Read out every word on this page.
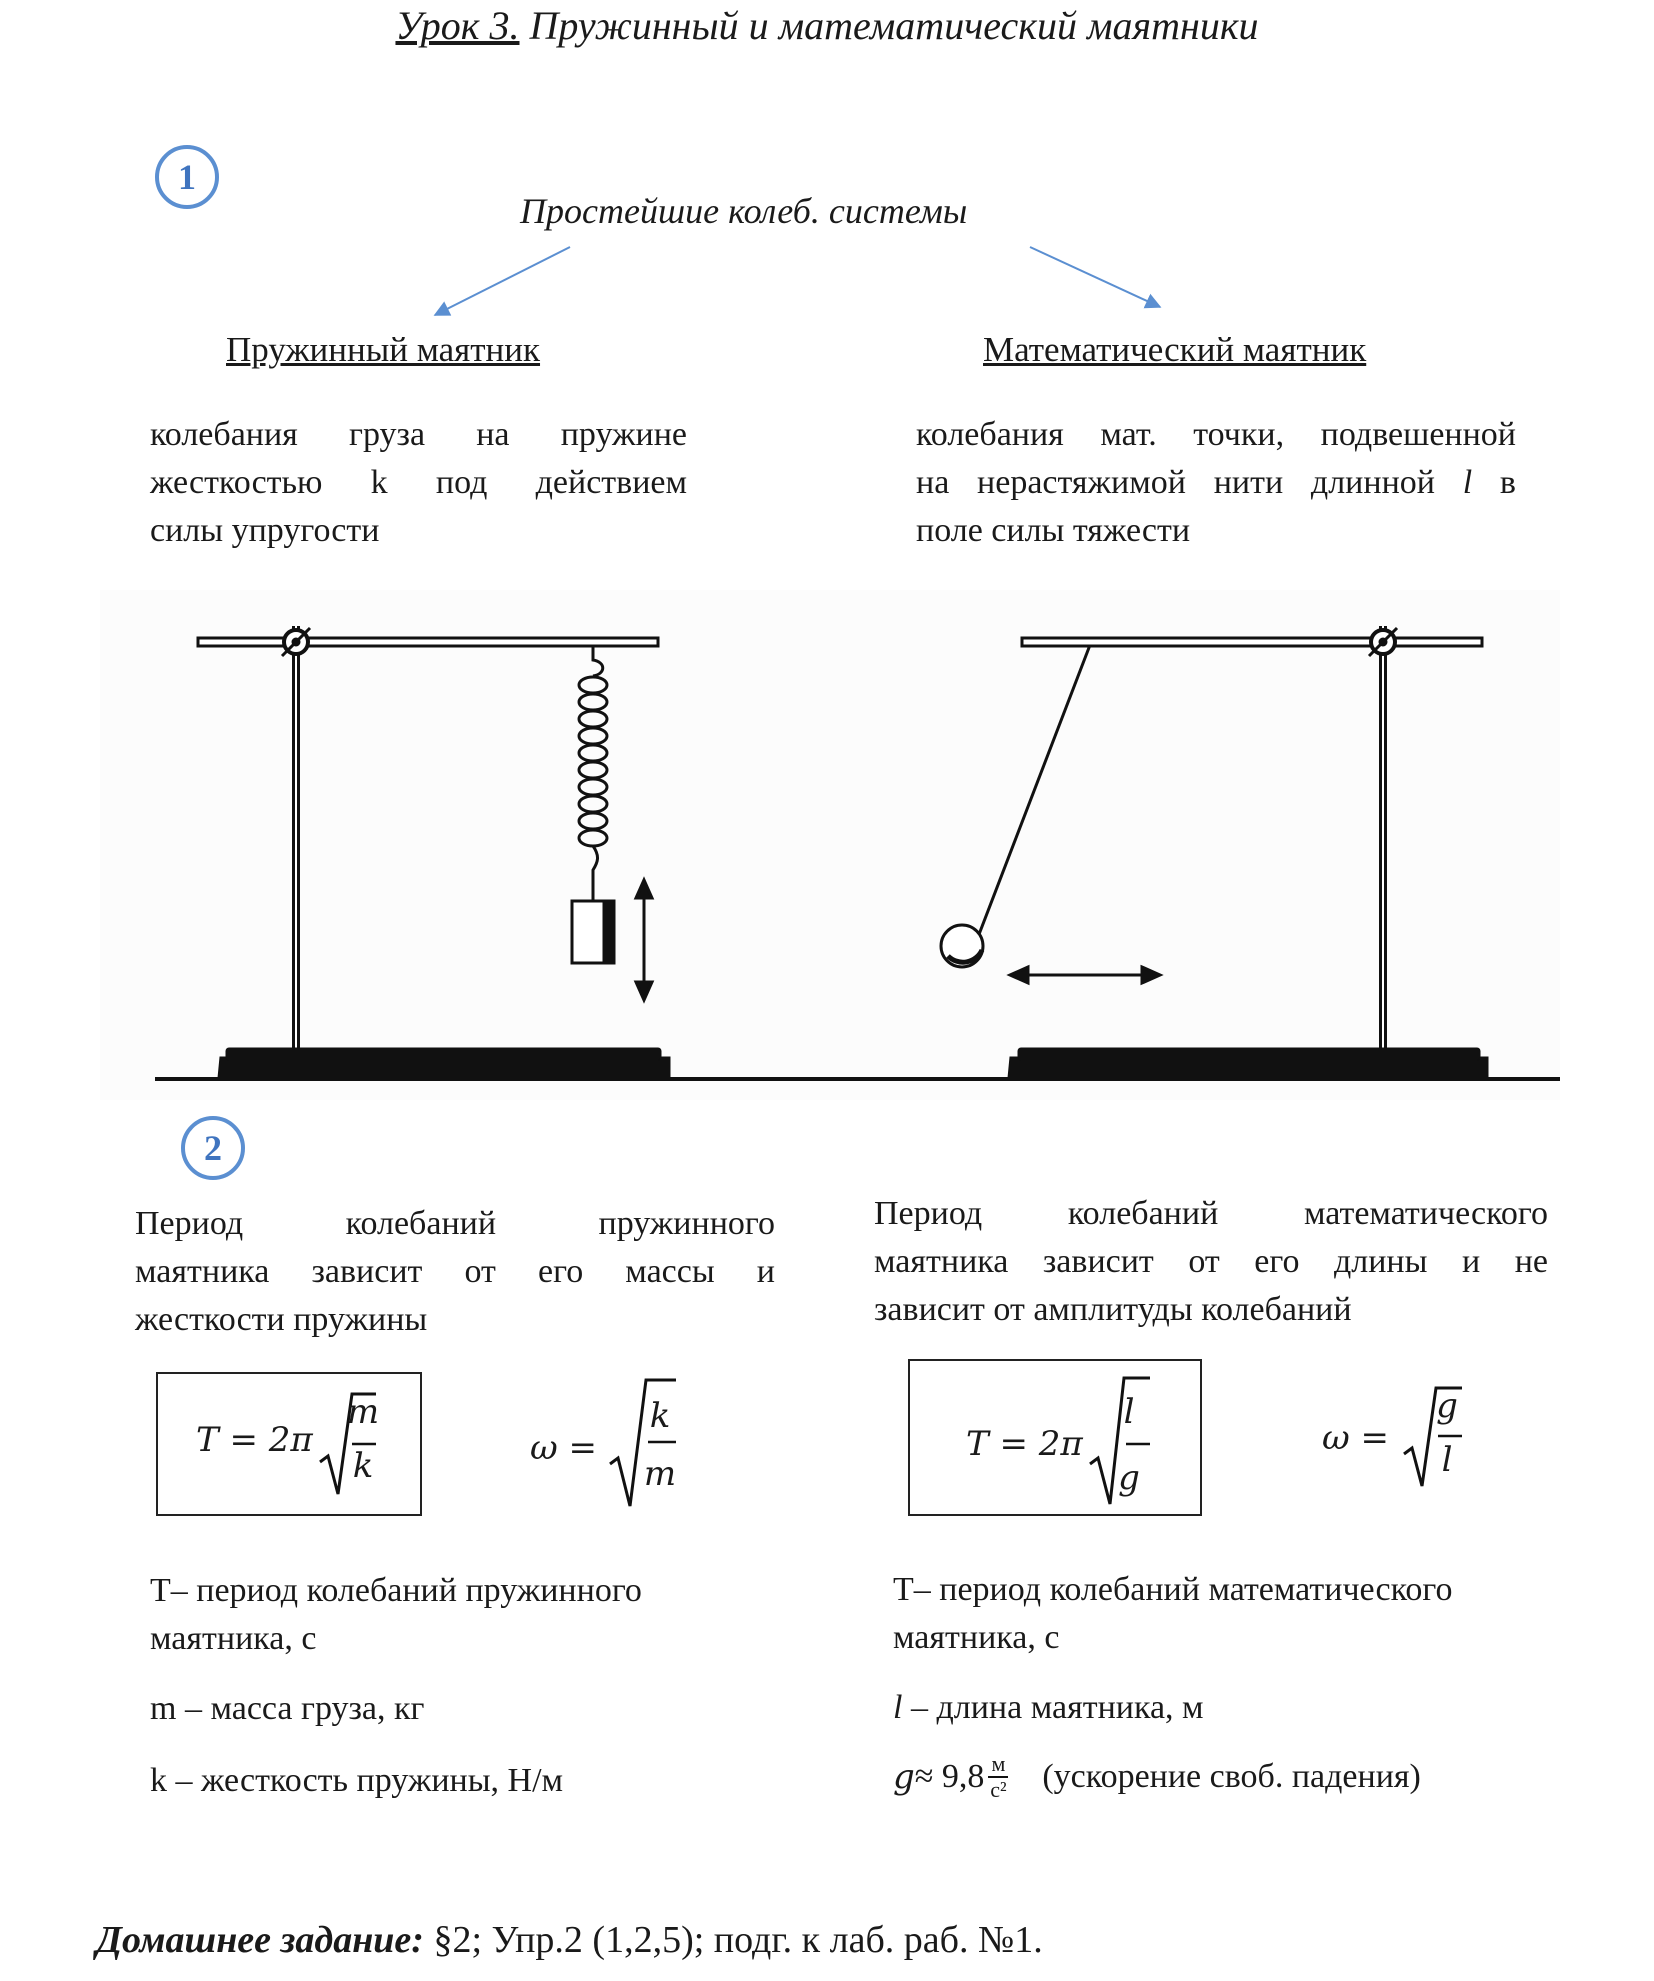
Урок 3. Пружинный и математический маятники
1
Простейшие колеб. системы
Пружинный маятник	Математический маятник
колебания груза на пружине
жесткостью k под действием
силы упругости
колебания мат. точки, подвешенной
на нерастяжимой нити длинной l в
поле силы тяжести
2
Период колебаний пружинного
маятника зависит от его массы и
жесткости пружины
Период колебаний математического
маятника зависит от его длины и не
зависит от амплитуды колебаний
T = 2π
m
k	ω =
k
m
T = 2π
l
g
ω =
g
l
T– период колебаний пружинного
маятника, с
m – масса груза, кг
k – жесткость пружины, Н/м
T– период колебаний математического
маятника, с
l – длина маятника, м
g ≈ 9,8 м
с² (ускорение своб. падения)
Домашнее задание: §2; Упр.2 (1,2,5); подг. к лаб. раб. №1.
